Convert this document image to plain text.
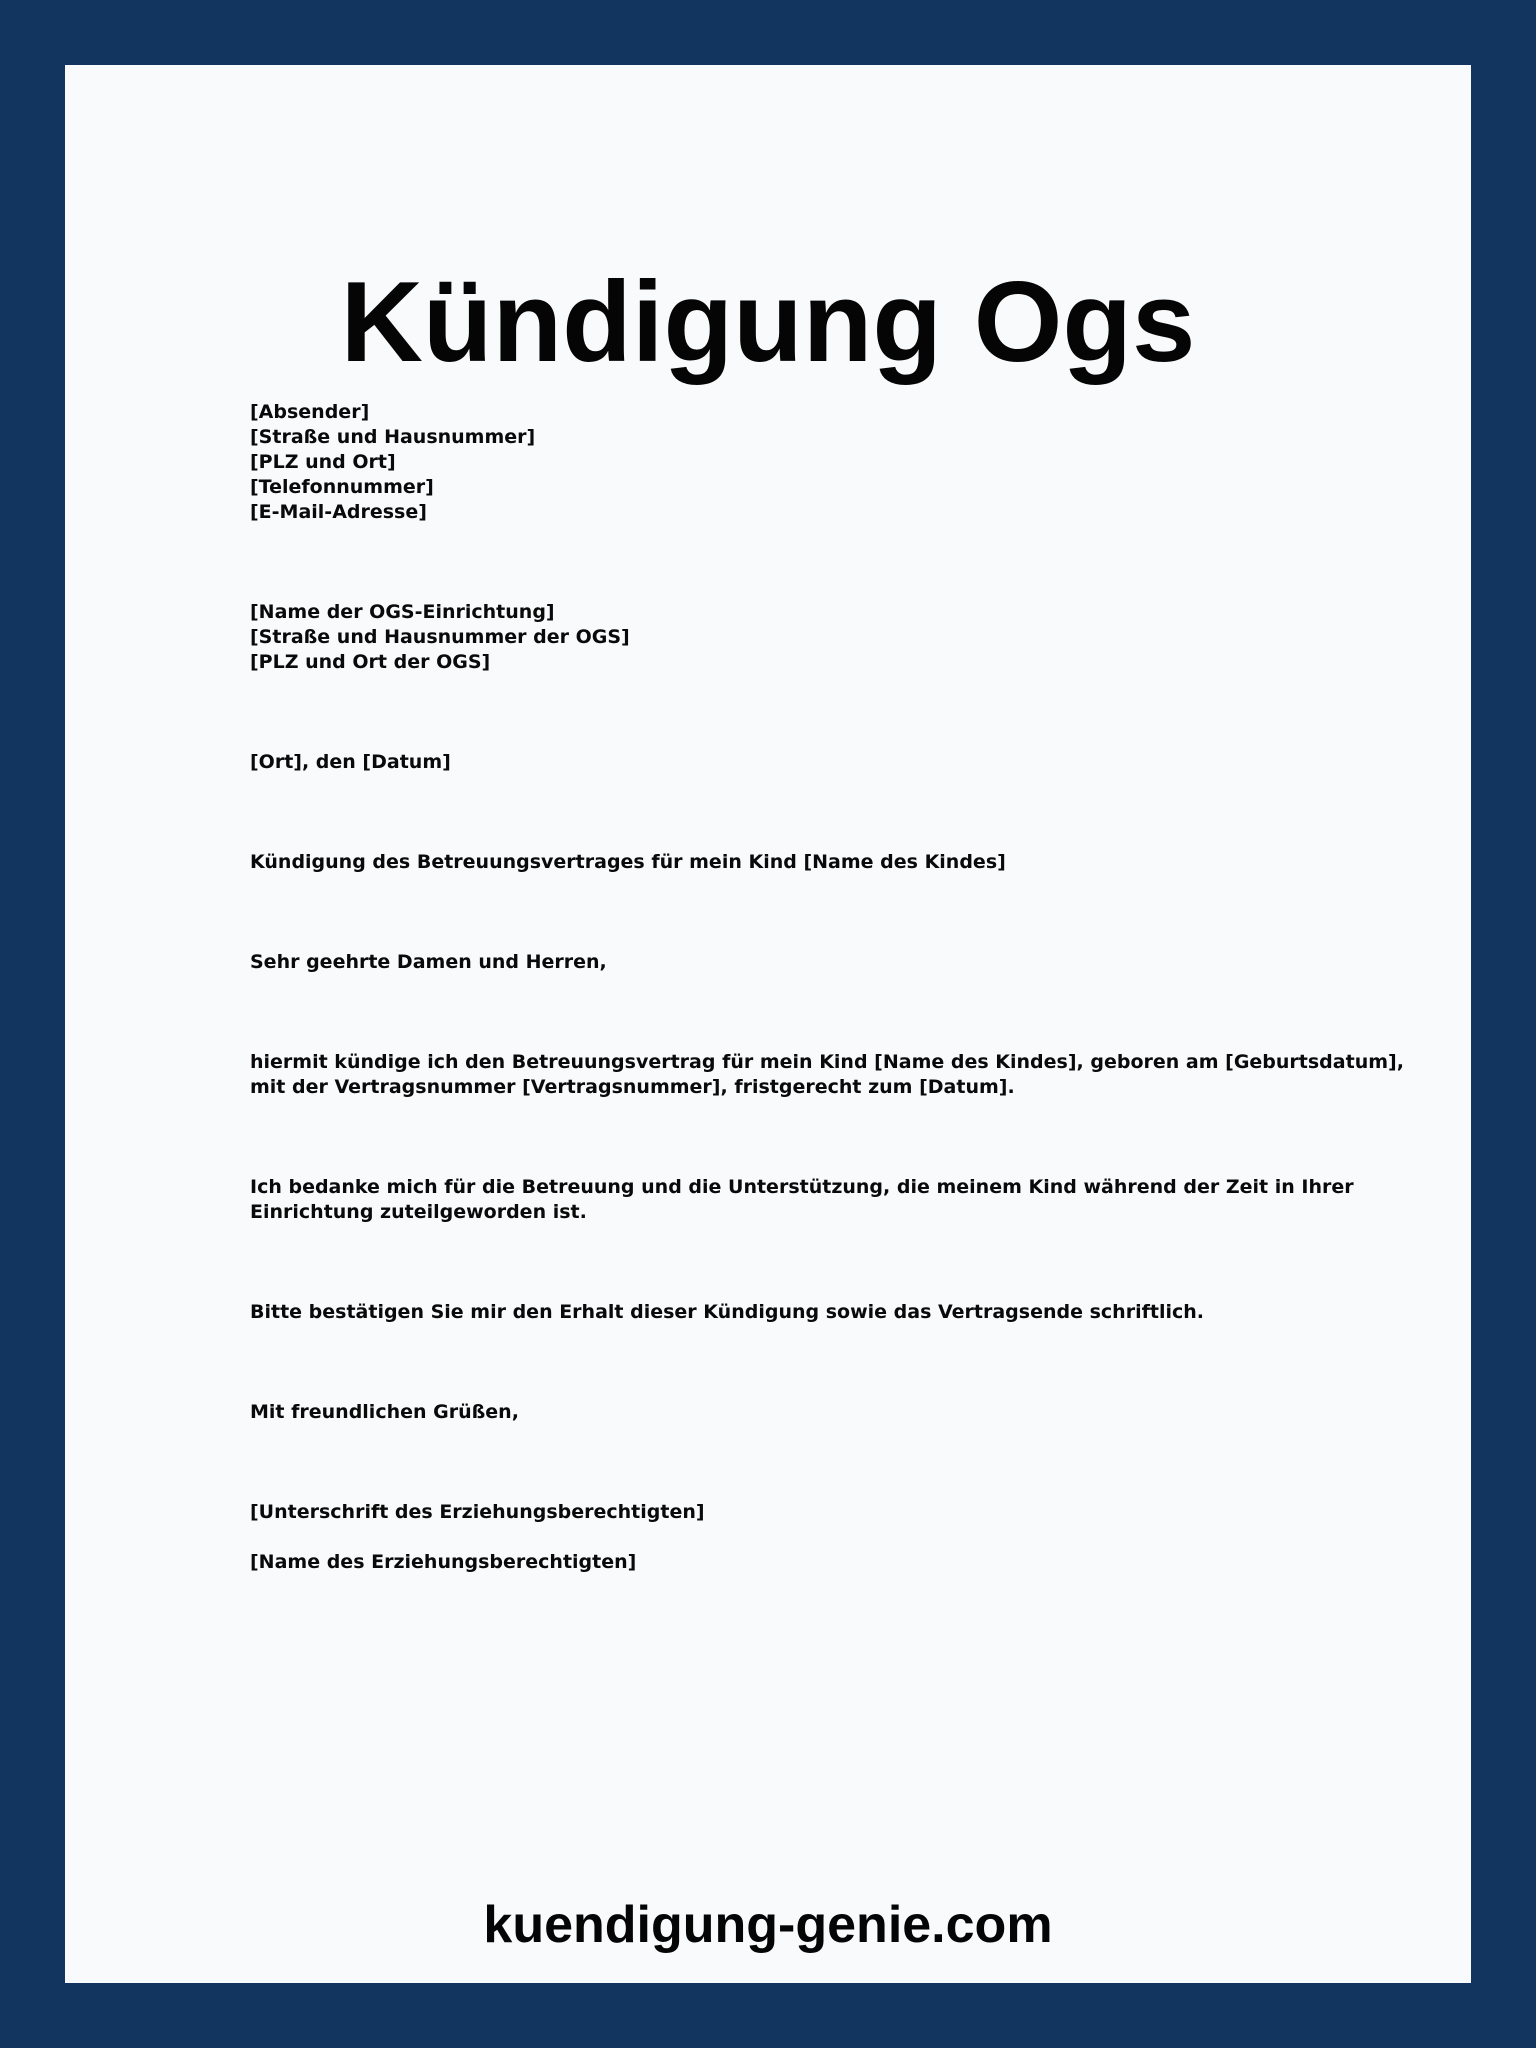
Kündigung Ogs
[Absender]
[Straße und Hausnummer]
[PLZ und Ort]
[Telefonnummer]
[E-Mail-Adresse]
[Name der OGS-Einrichtung]
[Straße und Hausnummer der OGS]
[PLZ und Ort der OGS]
[Ort], den [Datum]
Kündigung des Betreuungsvertrages für mein Kind [Name des Kindes]
Sehr geehrte Damen und Herren,
hiermit kündige ich den Betreuungsvertrag für mein Kind [Name des Kindes], geboren am [Geburtsdatum],
mit der Vertragsnummer [Vertragsnummer], fristgerecht zum [Datum].
Ich bedanke mich für die Betreuung und die Unterstützung, die meinem Kind während der Zeit in Ihrer
Einrichtung zuteilgeworden ist.
Bitte bestätigen Sie mir den Erhalt dieser Kündigung sowie das Vertragsende schriftlich.
Mit freundlichen Grüßen,
[Unterschrift des Erziehungsberechtigten]
[Name des Erziehungsberechtigten]
kuendigung-genie.com
